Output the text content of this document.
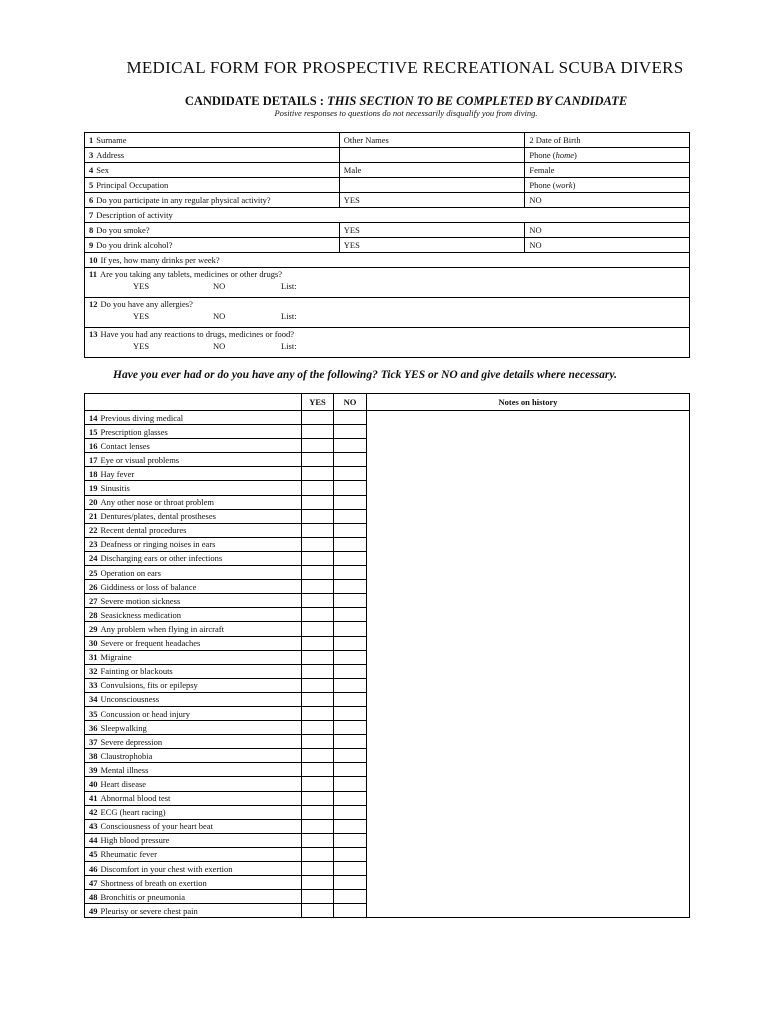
MEDICAL FORM FOR PROSPECTIVE RECREATIONAL SCUBA DIVERS
CANDIDATE DETAILS : THIS SECTION TO BE COMPLETED BY CANDIDATE
Positive responses to questions do not necessarily disqualify you from diving.
1 Surname	Other Names	2 Date of Birth
3 Address		Phone (home)
4 Sex	Male	Female
5 Principal Occupation		Phone (work)
6 Do you participate in any regular physical activity?	YES	NO
7 Description of activity		
8 Do you smoke?	YES	NO
9 Do you drink alcohol?	YES	NO
10 If yes, how many drinks per week?		
11 Are you taking any tablets, medicines or other drugs?
YES NO List:		

12 Do you have any allergies?
YES NO List:		

13 Have you had any reactions to drugs, medicines or food?
YES NO List:		
Have you ever had or do you have any of the following? Tick YES or NO and give details where necessary.
	YES	NO	Notes on history
14 Previous diving medical			
15 Prescription glasses			
16 Contact lenses			
17 Eye or visual problems			
18 Hay fever			
19 Sinusitis			
20 Any other nose or throat problem			
21 Dentures/plates, dental prostheses			
22 Recent dental procedures			
23 Deafness or ringing noises in ears			
24 Discharging ears or other infections			
25 Operation on ears			
26 Giddiness or loss of balance			
27 Severe motion sickness			
28 Seasickness medication			
29 Any problem when flying in aircraft			
30 Severe or frequent headaches			
31 Migraine			
32 Fainting or blackouts			
33 Convulsions, fits or epilepsy			
34 Unconsciousness			
35 Concussion or head injury			
36 Sleepwalking			
37 Severe depression			
38 Claustrophobia			
39 Mental illness			
40 Heart disease			
41 Abnormal blood test			
42 ECG (heart racing)			
43 Consciousness of your heart beat			
44 High blood pressure			
45 Rheumatic fever			
46 Discomfort in your chest with exertion			
47 Shortness of breath on exertion			
48 Bronchitis or pneumonia			
49 Pleurisy or severe chest pain			
